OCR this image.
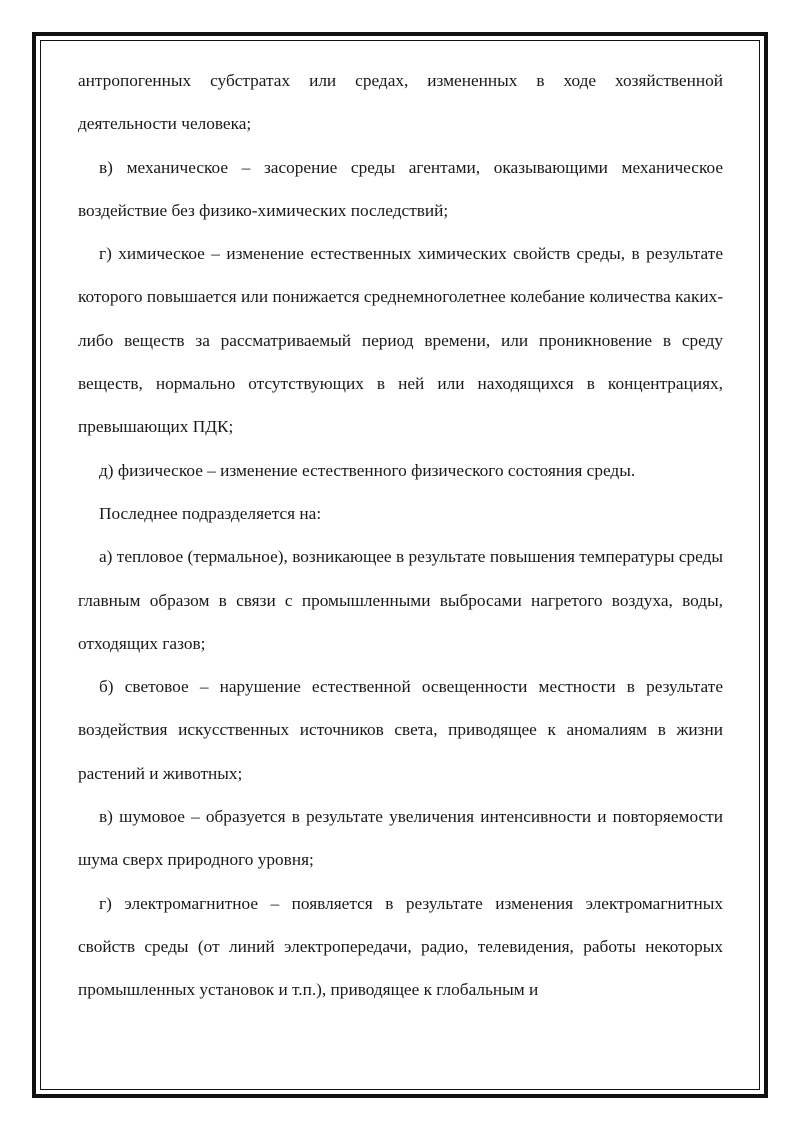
антропогенных субстратах или средах, измененных в ходе хозяйственной деятельности человека;

в) механическое – засорение среды агентами, оказывающими механическое воздействие без физико-химических последствий;

г) химическое – изменение естественных химических свойств среды, в результате которого повышается или понижается среднемноголетнее колебание количества каких-либо веществ за рассматриваемый период времени, или проникновение в среду веществ, нормально отсутствующих в ней или находящихся в концентрациях, превышающих ПДК;

д) физическое – изменение естественного физического состояния среды.

Последнее подразделяется на:

а) тепловое (термальное), возникающее в результате повышения температуры среды главным образом в связи с промышленными выбросами нагретого воздуха, воды, отходящих газов;

б) световое – нарушение естественной освещенности местности в результате воздействия искусственных источников света, приводящее к аномалиям в жизни растений и животных;

в) шумовое – образуется в результате увеличения интенсивности и повторяемости шума сверх природного уровня;

г) электромагнитное – появляется в результате изменения электромагнитных свойств среды (от линий электропередачи, радио, телевидения, работы некоторых промышленных установок и т.п.), приводящее к глобальным и
